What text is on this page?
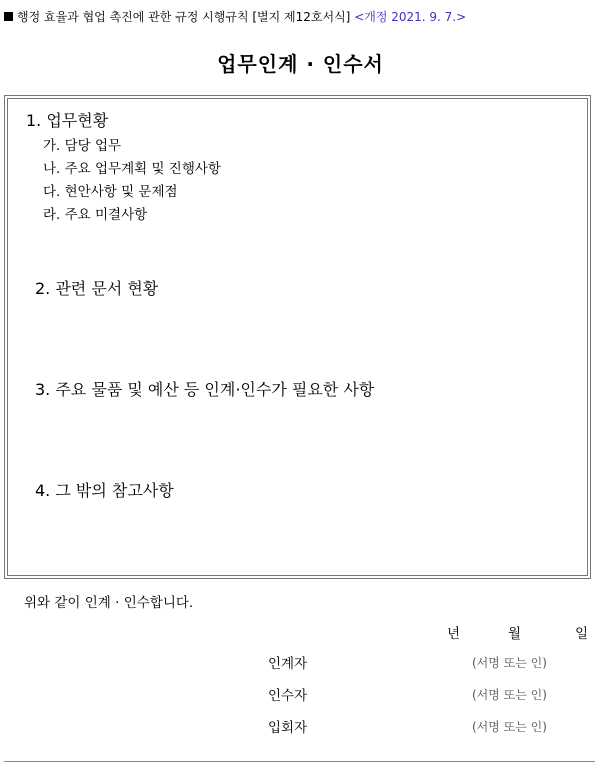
행정 효율과 협업 촉진에 관한 규정 시행규칙 [별지 제12호서식] <개정 2021. 9. 7.>
업무인계 · 인수서
1. 업무현황
가. 담당 업무
나. 주요 업무계획 및 진행사항
다. 현안사항 및 문제점
라. 주요 미결사항
2. 관련 문서 현황
3. 주요 물품 및 예산 등 인계·인수가 필요한 사항
4. 그 밖의 참고사항
위와 같이 인계 · 인수합니다.
년	월	일
인계자	(서명 또는 인)
인수자	(서명 또는 인)
입회자	(서명 또는 인)
